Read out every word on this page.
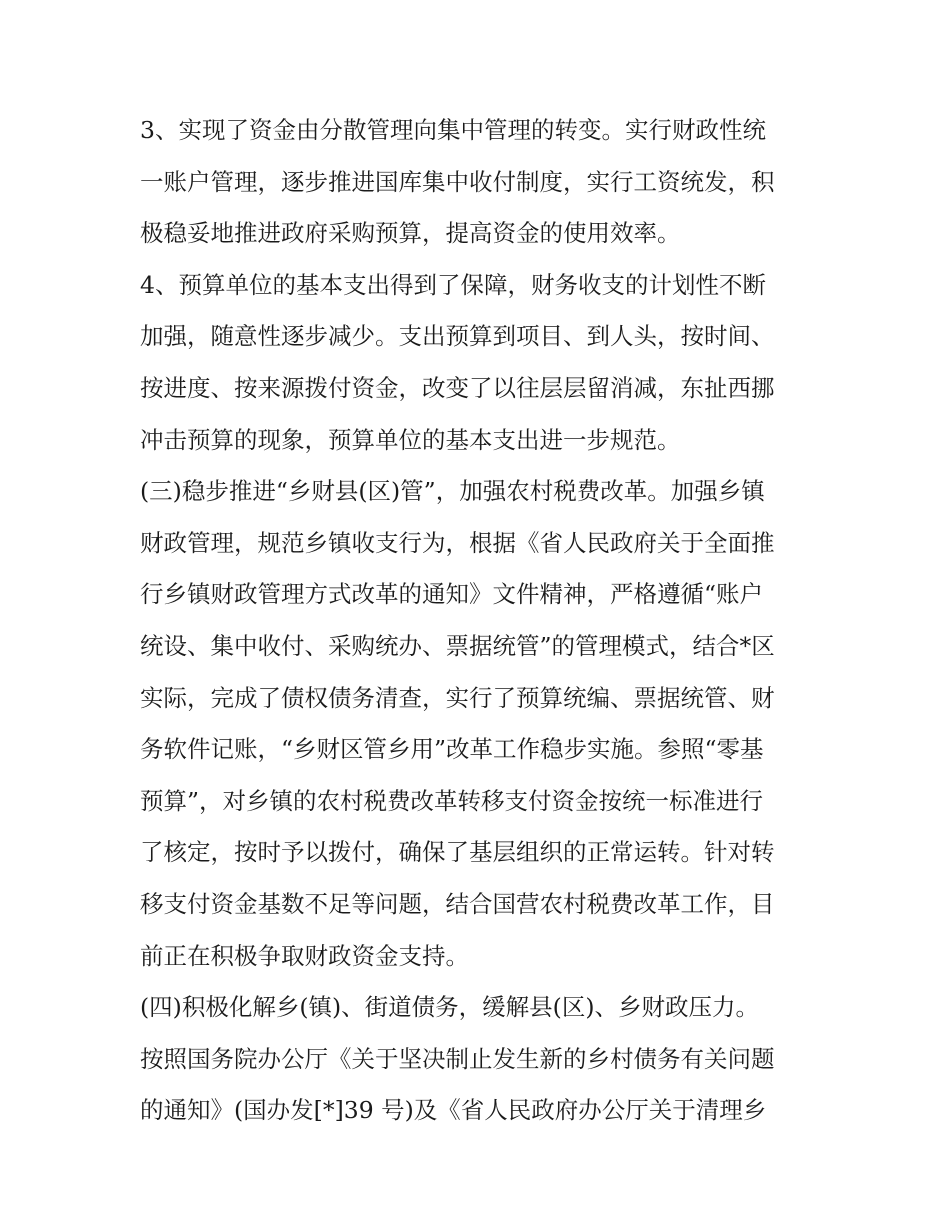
3、实现了资金由分散管理向集中管理的转变。实行财政性统
一账户管理，逐步推进国库集中收付制度，实行工资统发，积
极稳妥地推进政府采购预算，提高资金的使用效率。
4、预算单位的基本支出得到了保障，财务收支的计划性不断
加强，随意性逐步减少。支出预算到项目、到人头，按时间、
按进度、按来源拨付资金，改变了以往层层留消减，东扯西挪
冲击预算的现象，预算单位的基本支出进一步规范。
(三)稳步推进“乡财县(区)管”，加强农村税费改革。加强乡镇
财政管理，规范乡镇收支行为，根据《省人民政府关于全面推
行乡镇财政管理方式改革的通知》文件精神，严格遵循“账户
统设、集中收付、采购统办、票据统管”的管理模式，结合*区
实际，完成了债权债务清查，实行了预算统编、票据统管、财
务软件记账，“乡财区管乡用”改革工作稳步实施。参照“零基
预算”，对乡镇的农村税费改革转移支付资金按统一标准进行
了核定，按时予以拨付，确保了基层组织的正常运转。针对转
移支付资金基数不足等问题，结合国营农村税费改革工作，目
前正在积极争取财政资金支持。
(四)积极化解乡(镇)、街道债务，缓解县(区)、乡财政压力。
按照国务院办公厅《关于坚决制止发生新的乡村债务有关问题
的通知》(国办发[*]39 号)及《省人民政府办公厅关于清理乡
